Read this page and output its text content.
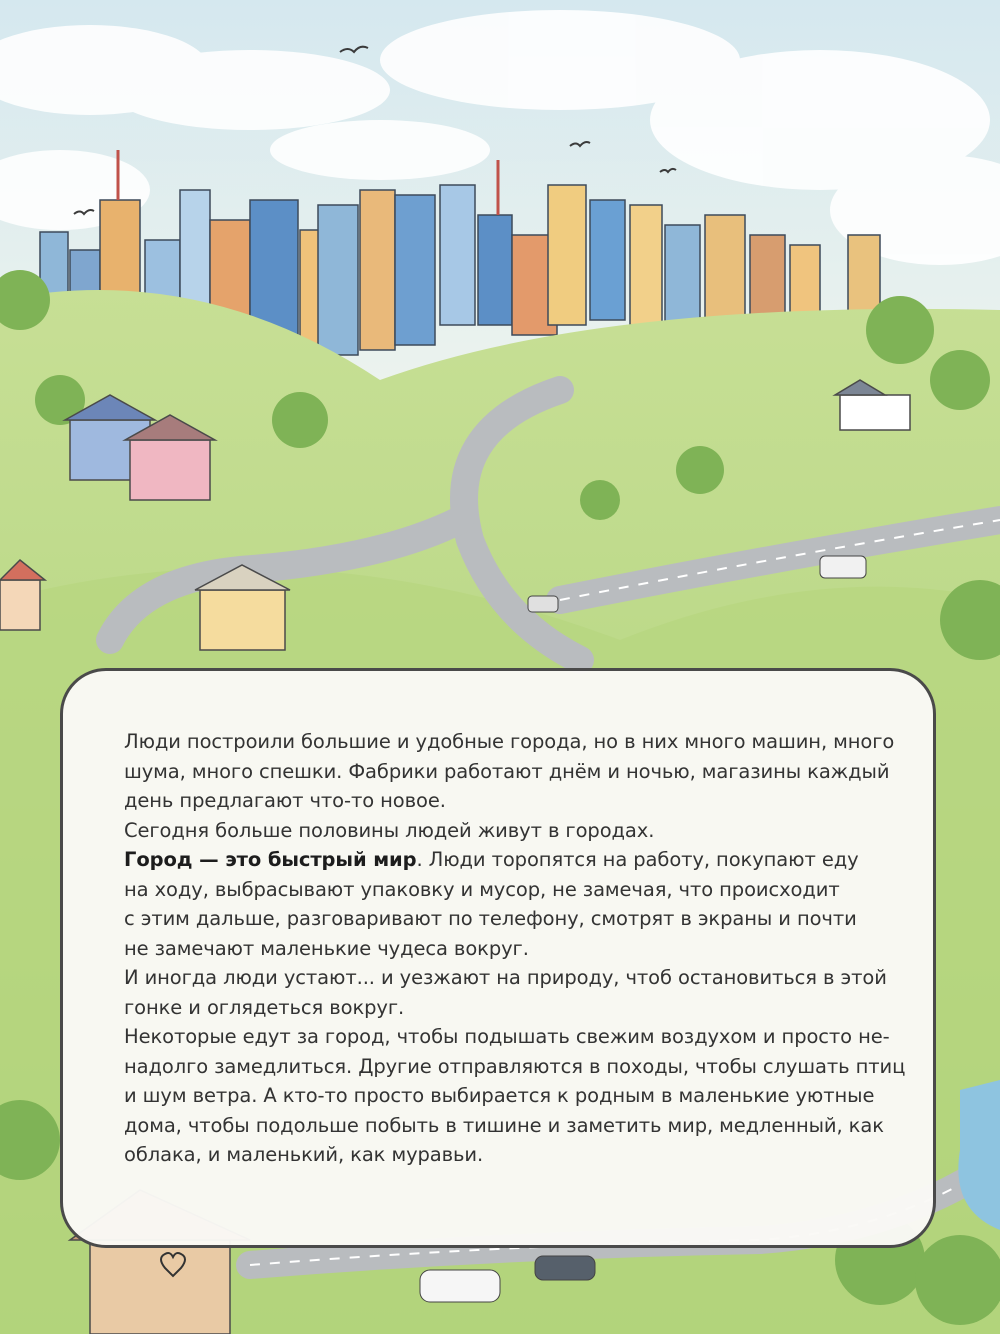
Люди построили большие и удобные города, но в них много машин, много
шума, много спешки. Фабрики работают днём и ночью, магазины каждый
день предлагают что-то новое.
Сегодня больше половины людей живут в городах.
Город — это быстрый мир. Люди торопятся на работу, покупают еду
на ходу, выбрасывают упаковку и мусор, не замечая, что происходит
с этим дальше, разговаривают по телефону, смотрят в экраны и почти
не замечают маленькие чудеса вокруг.
И иногда люди устают... и уезжают на природу, чтоб остановиться в этой
гонке и оглядеться вокруг.
Некоторые едут за город, чтобы подышать свежим воздухом и просто не-
надолго замедлиться. Другие отправляются в походы, чтобы слушать птиц
и шум ветра. А кто-то просто выбирается к родным в маленькие уютные
дома, чтобы подольше побыть в тишине и заметить мир, медленный, как
облака, и маленький, как муравьи.
